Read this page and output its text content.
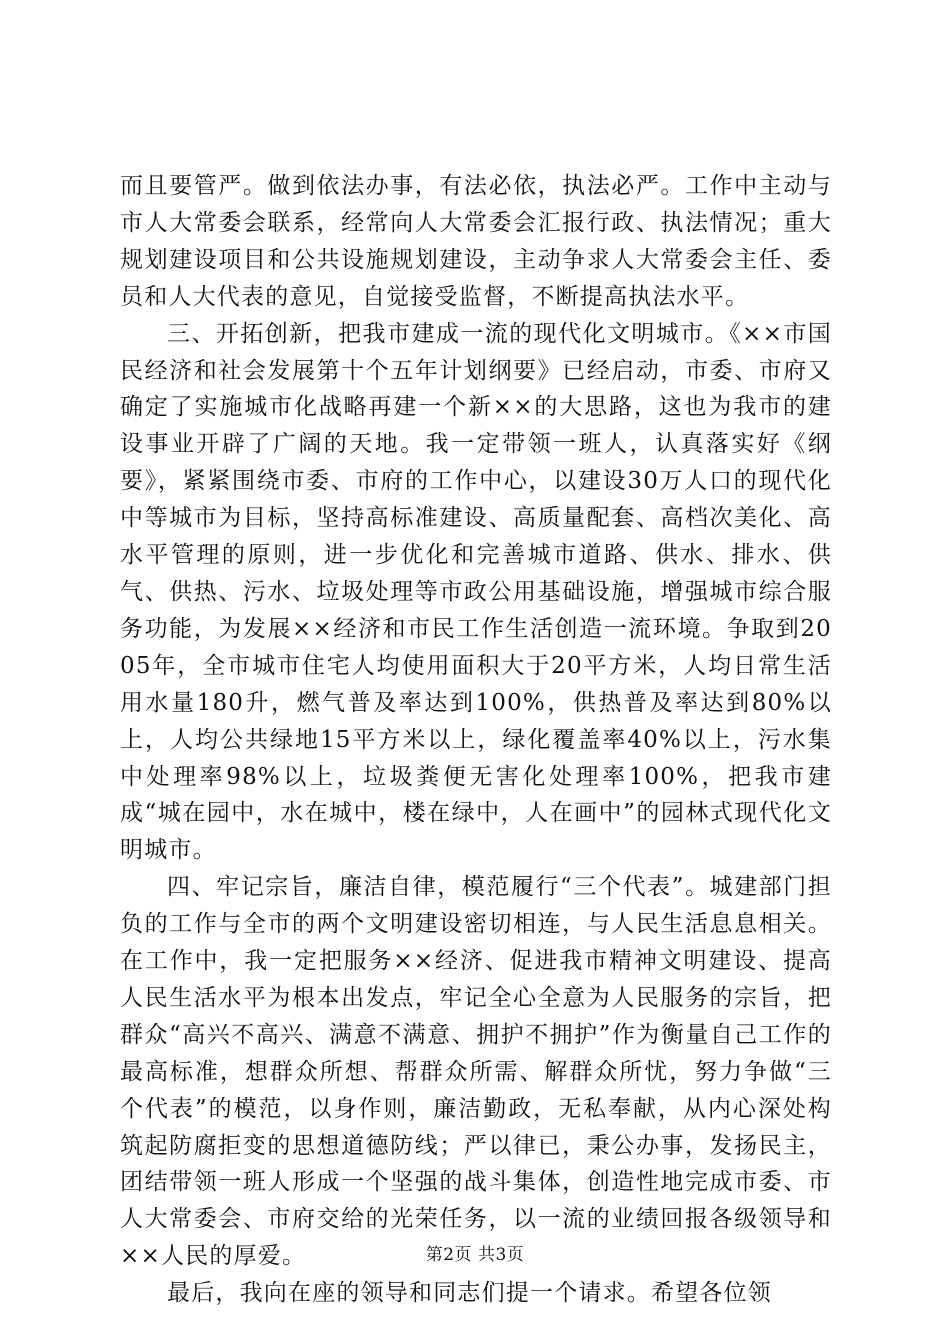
而且要管严。做到依法办事，有法必依，执法必严。工作中主动与市人大常委会联系，经常向人大常委会汇报行政、执法情况；重大规划建设项目和公共设施规划建设，主动争求人大常委会主任、委员和人大代表的意见，自觉接受监督，不断提高执法水平。

三、开拓创新，把我市建成一流的现代化文明城市。《××市国民经济和社会发展第十个五年计划纲要》已经启动，市委、市府又确定了实施城市化战略再建一个新××的大思路，这也为我市的建设事业开辟了广阔的天地。我一定带领一班人，认真落实好《纲要》，紧紧围绕市委、市府的工作中心，以建设30万人口的现代化中等城市为目标，坚持高标准建设、高质量配套、高档次美化、高水平管理的原则，进一步优化和完善城市道路、供水、排水、供气、供热、污水、垃圾处理等市政公用基础设施，增强城市综合服务功能，为发展××经济和市民工作生活创造一流环境。争取到2005年，全市城市住宅人均使用面积大于20平方米，人均日常生活用水量180升，燃气普及率达到100%，供热普及率达到80%以上，人均公共绿地15平方米以上，绿化覆盖率40%以上，污水集中处理率98%以上，垃圾粪便无害化处理率100%，把我市建成“城在园中，水在城中，楼在绿中，人在画中”的园林式现代化文明城市。

四、牢记宗旨，廉洁自律，模范履行“三个代表”。城建部门担负的工作与全市的两个文明建设密切相连，与人民生活息息相关。在工作中，我一定把服务××经济、促进我市精神文明建设、提高人民生活水平为根本出发点，牢记全心全意为人民服务的宗旨，把群众“高兴不高兴、满意不满意、拥护不拥护”作为衡量自己工作的最高标准，想群众所想、帮群众所需、解群众所忧，努力争做“三个代表”的模范，以身作则，廉洁勤政，无私奉献，从内心深处构筑起防腐拒变的思想道德防线；严以律已，秉公办事，发扬民主，团结带领一班人形成一个坚强的战斗集体，创造性地完成市委、市人大常委会、市府交给的光荣任务，以一流的业绩回报各级领导和××人民的厚爱。

最后，我向在座的领导和同志们提一个请求。希望各位领

第2页 共3页
